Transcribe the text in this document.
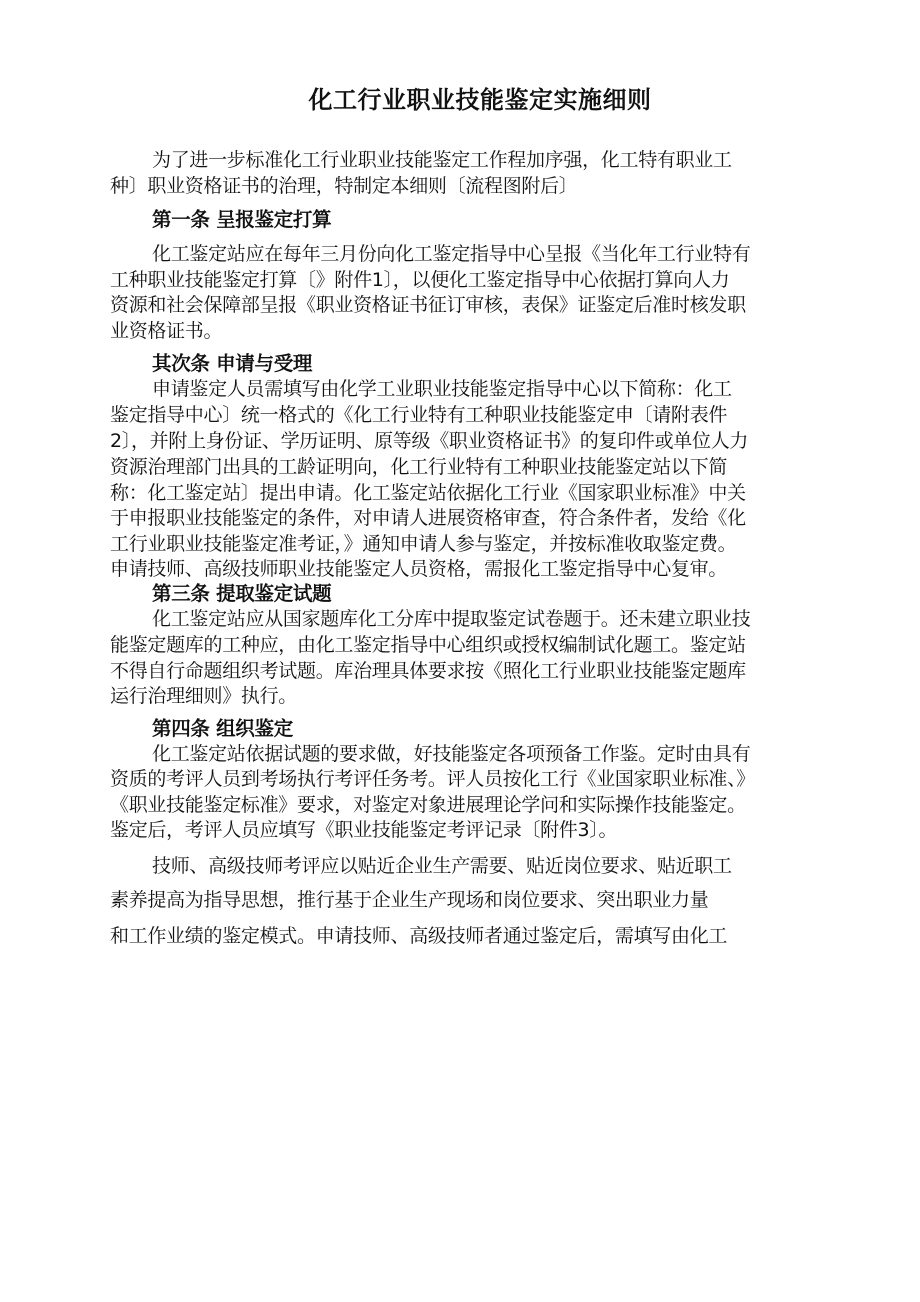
化工行业职业技能鉴定实施细则
为了进一步标准化工行业职业技能鉴定工作程加序强，化工特有职业工
种〕职业资格证书的治理，特制定本细则〔流程图附后〕
第一条 呈报鉴定打算
化工鉴定站应在每年三月份向化工鉴定指导中心呈报《当化年工行业特有
工种职业技能鉴定打算〔》附件1〕，以便化工鉴定指导中心依据打算向人力
资源和社会保障部呈报《职业资格证书征订审核，表保》证鉴定后准时核发职
业资格证书。
其次条 申请与受理
申请鉴定人员需填写由化学工业职业技能鉴定指导中心以下简称：化工
鉴定指导中心〕统一格式的《化工行业特有工种职业技能鉴定申〔请附表件
2〕，并附上身份证、学历证明、原等级《职业资格证书》的复印件或单位人力
资源治理部门出具的工龄证明向，化工行业特有工种职业技能鉴定站以下简
称：化工鉴定站〕提出申请。化工鉴定站依据化工行业《国家职业标准》中关
于申报职业技能鉴定的条件，对申请人进展资格审查，符合条件者，发给《化
工行业职业技能鉴定准考证，》通知申请人参与鉴定，并按标准收取鉴定费。
申请技师、高级技师职业技能鉴定人员资格，需报化工鉴定指导中心复审。
第三条 提取鉴定试题
化工鉴定站应从国家题库化工分库中提取鉴定试卷题于。还未建立职业技
能鉴定题库的工种应，由化工鉴定指导中心组织或授权编制试化题工。鉴定站
不得自行命题组织考试题。库治理具体要求按《照化工行业职业技能鉴定题库
运行治理细则》执行。
第四条 组织鉴定
化工鉴定站依据试题的要求做，好技能鉴定各项预备工作鉴。定时由具有
资质的考评人员到考场执行考评任务考。评人员按化工行《业国家职业标准、》
《职业技能鉴定标准》要求，对鉴定对象进展理论学问和实际操作技能鉴定。
鉴定后，考评人员应填写《职业技能鉴定考评记录〔附件3〕。
技师、高级技师考评应以贴近企业生产需要、贴近岗位要求、贴近职工
素养提高为指导思想，推行基于企业生产现场和岗位要求、突出职业力量
和工作业绩的鉴定模式。申请技师、高级技师者通过鉴定后，需填写由化工
